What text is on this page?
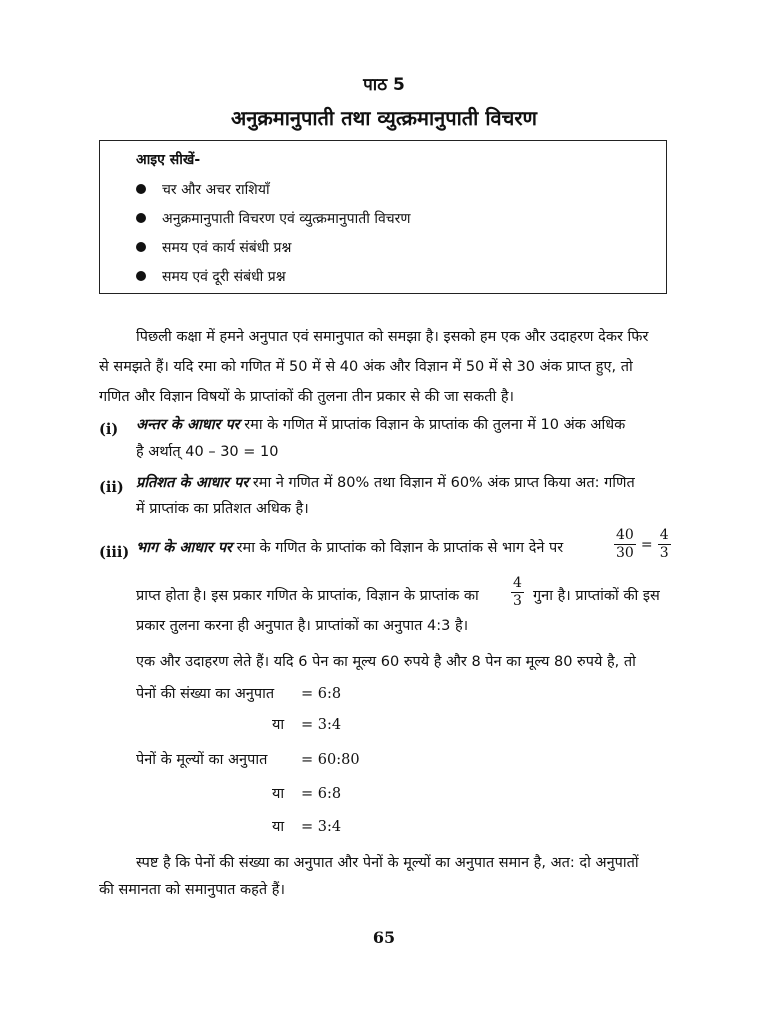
पाठ 5
अनुक्रमानुपाती तथा व्युत्क्रमानुपाती विचरण
आइए सीखें-
चर और अचर राशियाँ
अनुक्रमानुपाती विचरण एवं व्युत्क्रमानुपाती विचरण
समय एवं कार्य संबंधी प्रश्न
समय एवं दूरी संबंधी प्रश्न
पिछली कक्षा में हमने अनुपात एवं समानुपात को समझा है। इसको हम एक और उदाहरण देकर फिर
से समझते हैं। यदि रमा को गणित में 50 में से 40 अंक और विज्ञान में 50 में से 30 अंक प्राप्त हुए, तो
गणित और विज्ञान विषयों के प्राप्तांकों की तुलना तीन प्रकार से की जा सकती है।
(i) अन्तर के आधार पर रमा के गणित में प्राप्तांक विज्ञान के प्राप्तांक की तुलना में 10 अंक अधिक
है अर्थात् 40 – 30 = 10
(ii) प्रतिशत के आधार पर रमा ने गणित में 80% तथा विज्ञान में 60% अंक प्राप्त किया अत: गणित
में प्राप्तांक का प्रतिशत अधिक है।
(iii) भाग के आधार पर रमा के गणित के प्राप्तांक को विज्ञान के प्राप्तांक से भाग देने पर	$\frac{40}{30} = \frac{4}{3}$
प्राप्त होता है। इस प्रकार गणित के प्राप्तांक, विज्ञान के प्राप्तांक का	$\frac{4}{3}$ गुना है। प्राप्तांकों की इस
प्रकार तुलना करना ही अनुपात है। प्राप्तांकों का अनुपात 4:3 है।
एक और उदाहरण लेते हैं। यदि 6 पेन का मूल्य 60 रुपये है और 8 पेन का मूल्य 80 रुपये है, तो
पेनों की संख्या का अनुपात = 6:8
या = 3:4
पेनों के मूल्यों का अनुपात = 60:80
या = 6:8
या = 3:4
स्पष्ट है कि पेनों की संख्या का अनुपात और पेनों के मूल्यों का अनुपात समान है, अत: दो अनुपातों
की समानता को समानुपात कहते हैं।
65
